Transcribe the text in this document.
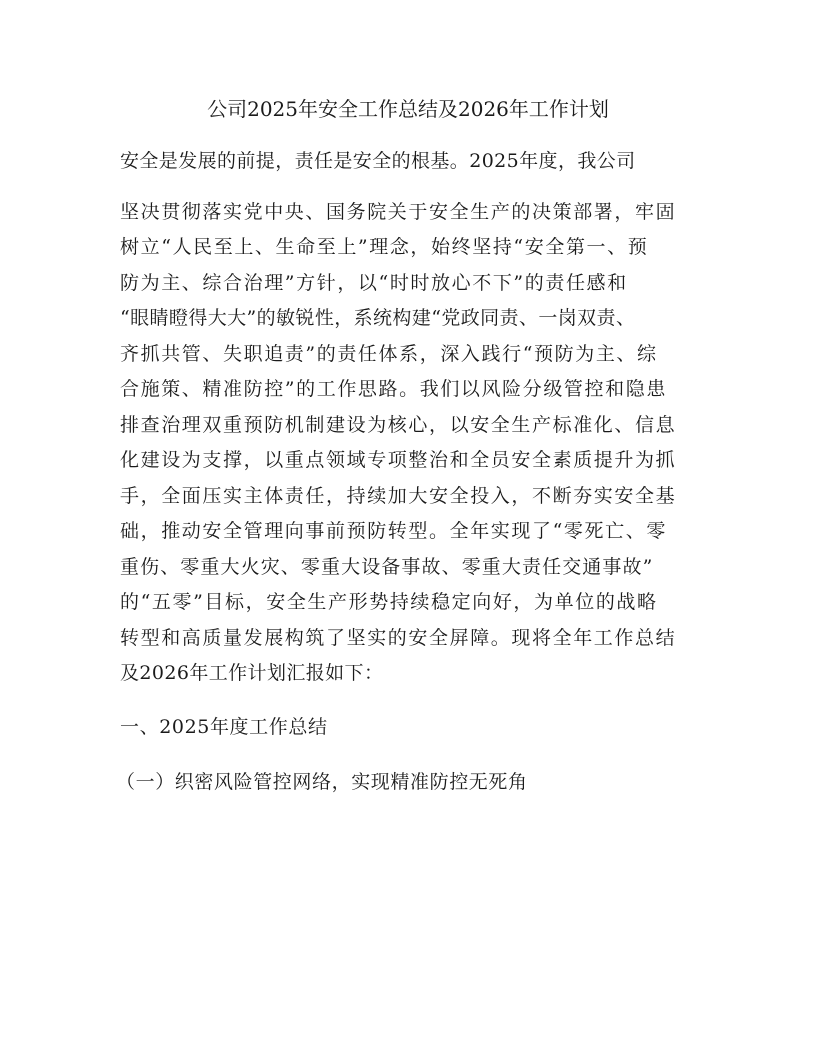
公司2025年安全工作总结及2026年工作计划
安全是发展的前提，责任是安全的根基。2025年度，我公司
坚决贯彻落实党中央、国务院关于安全生产的决策部署，牢固
树立“人民至上、生命至上”理念，始终坚持“安全第一、预
防为主、综合治理”方针，以“时时放心不下”的责任感和
“眼睛瞪得大大”的敏锐性，系统构建“党政同责、一岗双责、
齐抓共管、失职追责”的责任体系，深入践行“预防为主、综
合施策、精准防控”的工作思路。我们以风险分级管控和隐患
排查治理双重预防机制建设为核心，以安全生产标准化、信息
化建设为支撑，以重点领域专项整治和全员安全素质提升为抓
手，全面压实主体责任，持续加大安全投入，不断夯实安全基
础，推动安全管理向事前预防转型。全年实现了“零死亡、零
重伤、零重大火灾、零重大设备事故、零重大责任交通事故”
的“五零”目标，安全生产形势持续稳定向好，为单位的战略
转型和高质量发展构筑了坚实的安全屏障。现将全年工作总结
及2026年工作计划汇报如下：
一、2025年度工作总结
（一）织密风险管控网络，实现精准防控无死角
